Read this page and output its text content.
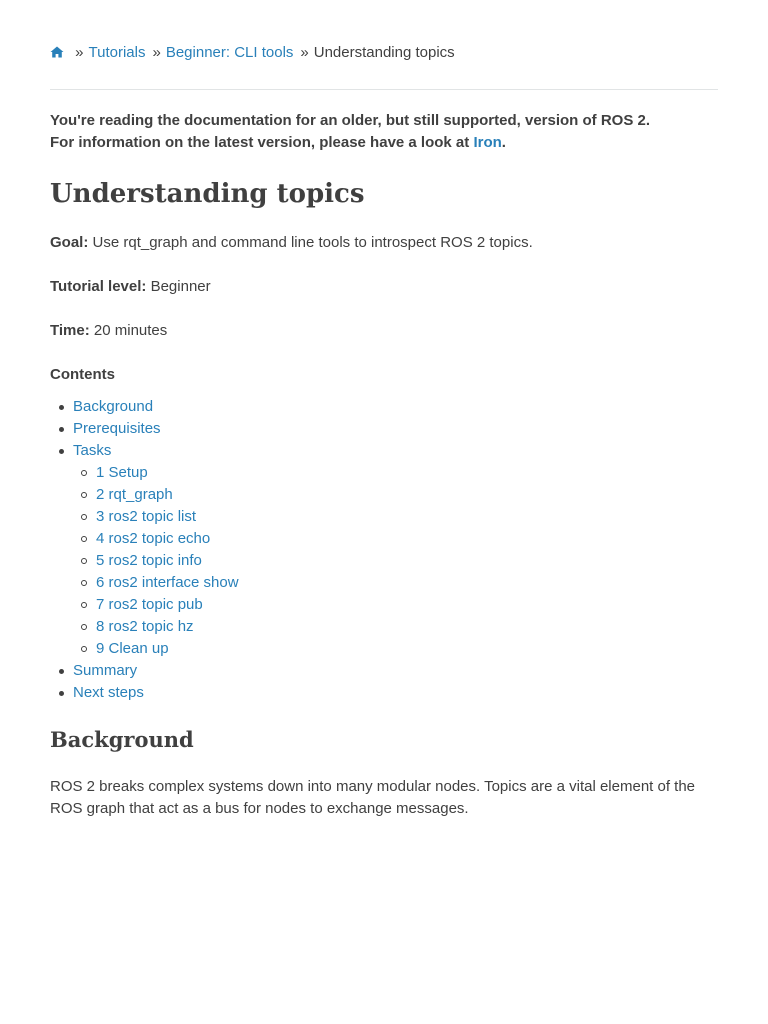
» Tutorials » Beginner: CLI tools » Understanding topics

You're reading the documentation for an older, but still supported, version of ROS 2. For information on the latest version, please have a look at Iron.

Understanding topics
Goal: Use rqt_graph and command line tools to introspect ROS 2 topics.
Tutorial level: Beginner
Time: 20 minutes
Contents
Background
Prerequisites
Tasks
1 Setup
2 rqt_graph
3 ros2 topic list
4 ros2 topic echo
5 ros2 topic info
6 ros2 interface show
7 ros2 topic pub
8 ros2 topic hz
9 Clean up
Summary
Next steps
Background

ROS 2 breaks complex systems down into many modular nodes. Topics are a vital element of the ROS graph that act as a bus for nodes to exchange messages.
